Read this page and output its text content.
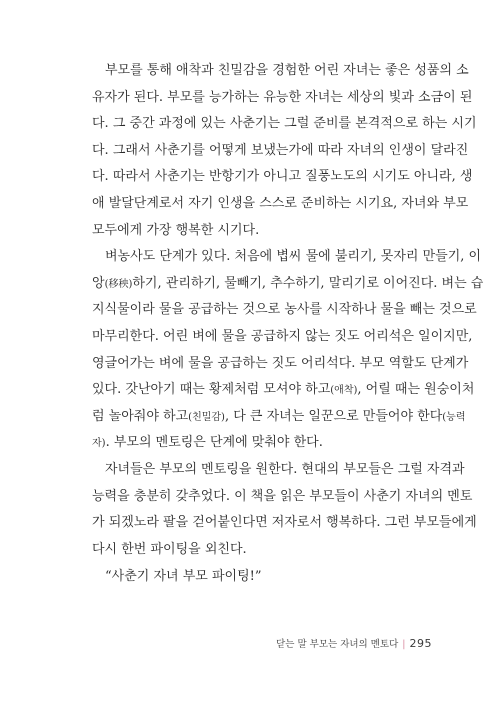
부모를 통해 애착과 친밀감을 경험한 어린 자녀는 좋은 성품의 소
유자가 된다. 부모를 능가하는 유능한 자녀는 세상의 빛과 소금이 된
다. 그 중간 과정에 있는 사춘기는 그럴 준비를 본격적으로 하는 시기
다. 그래서 사춘기를 어떻게 보냈는가에 따라 자녀의 인생이 달라진
다. 따라서 사춘기는 반항기가 아니고 질풍노도의 시기도 아니라, 생
애 발달단계로서 자기 인생을 스스로 준비하는 시기요, 자녀와 부모
모두에게 가장 행복한 시기다.
벼농사도 단계가 있다. 처음에 볍씨 물에 불리기, 못자리 만들기, 이
앙(移秧)하기, 관리하기, 물빼기, 추수하기, 말리기로 이어진다. 벼는 습
지식물이라 물을 공급하는 것으로 농사를 시작하나 물을 빼는 것으로
마무리한다. 어린 벼에 물을 공급하지 않는 짓도 어리석은 일이지만,
영글어가는 벼에 물을 공급하는 짓도 어리석다. 부모 역할도 단계가
있다. 갓난아기 때는 황제처럼 모셔야 하고(애착), 어릴 때는 원숭이처
럼 놀아줘야 하고(친밀감), 다 큰 자녀는 일꾼으로 만들어야 한다(능력
자). 부모의 멘토링은 단계에 맞춰야 한다.
자녀들은 부모의 멘토링을 원한다. 현대의 부모들은 그럴 자격과
능력을 충분히 갖추었다. 이 책을 읽은 부모들이 사춘기 자녀의 멘토
가 되겠노라 팔을 걷어붙인다면 저자로서 행복하다. 그런 부모들에게
다시 한번 파이팅을 외친다.
“사춘기 자녀 부모 파이팅!”
닫는 말 부모는 자녀의 멘토다 | 295
